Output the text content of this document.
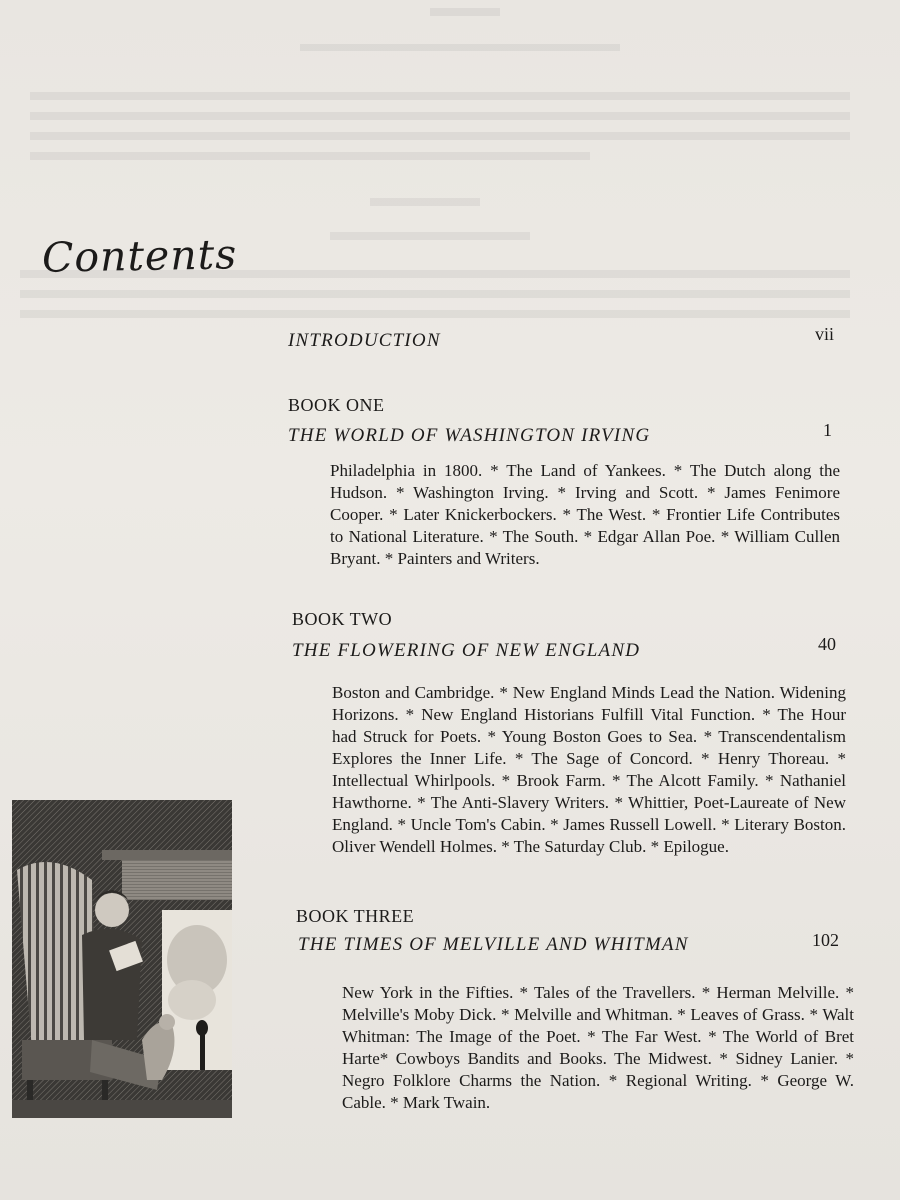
Contents

INTRODUCTION	vii

BOOK ONE

THE WORLD OF WASHINGTON IRVING	1

Philadelphia in 1800. * The Land of Yankees. * The Dutch along the Hudson. * Washington Irving. * Irving and Scott. * James Fenimore Cooper. * Later Knickerbockers. * The West. * Frontier Life Contributes to National Literature. * The South. * Edgar Allan Poe. * William Cullen Bryant. * Painters and Writers.

BOOK TWO

THE FLOWERING OF NEW ENGLAND	40

Boston and Cambridge. * New England Minds Lead the Nation. Widening Horizons. * New England Historians Fulfill Vital Function. * The Hour had Struck for Poets. * Young Boston Goes to Sea. * Transcendentalism Explores the Inner Life. * The Sage of Concord. * Henry Thoreau. * Intellectual Whirlpools. * Brook Farm. * The Alcott Family. * Nathaniel Hawthorne. * The Anti-Slavery Writers. * Whittier, Poet-Laureate of New England. * Uncle Tom's Cabin. * James Russell Lowell. * Literary Boston. Oliver Wendell Holmes. * The Saturday Club. * Epilogue.

BOOK THREE

THE TIMES OF MELVILLE AND WHITMAN	102

New York in the Fifties. * Tales of the Travellers. * Herman Melville. * Melville's Moby Dick. * Melville and Whitman. * Leaves of Grass. * Walt Whitman: The Image of the Poet. * The Far West. * The World of Bret Harte* Cowboys Bandits and Books. The Midwest. * Sidney Lanier. * Negro Folklore Charms the Nation. * Regional Writing. * George W. Cable. * Mark Twain.
